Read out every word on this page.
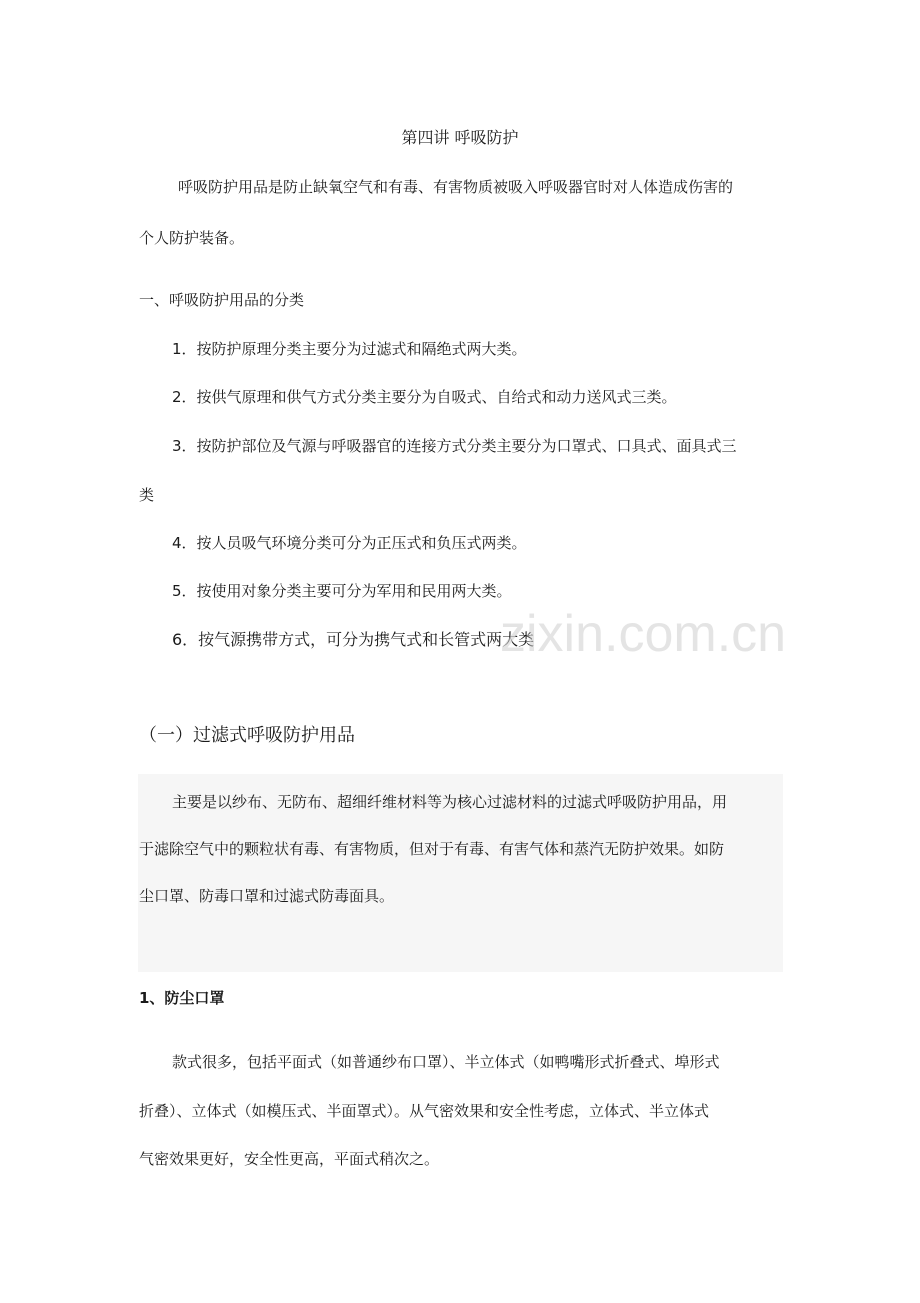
第四讲 呼吸防护
呼吸防护用品是防止缺氧空气和有毒、有害物质被吸入呼吸器官时对人体造成伤害的
个人防护装备。
一、呼吸防护用品的分类
1．按防护原理分类主要分为过滤式和隔绝式两大类。
2．按供气原理和供气方式分类主要分为自吸式、自给式和动力送风式三类。
3．按防护部位及气源与呼吸器官的连接方式分类主要分为口罩式、口具式、面具式三
类
4．按人员吸气环境分类可分为正压式和负压式两类。
5．按使用对象分类主要可分为军用和民用两大类。
6．按气源携带方式，可分为携气式和长管式两大类
zixin.com.cn
（一）过滤式呼吸防护用品
主要是以纱布、无防布、超细纤维材料等为核心过滤材料的过滤式呼吸防护用品，用
于滤除空气中的颗粒状有毒、有害物质，但对于有毒、有害气体和蒸汽无防护效果。如防
尘口罩、防毒口罩和过滤式防毒面具。
1、防尘口罩
款式很多，包括平面式（如普通纱布口罩）、半立体式（如鸭嘴形式折叠式、埠形式
折叠）、立体式（如模压式、半面罩式）。从气密效果和安全性考虑，立体式、半立体式
气密效果更好，安全性更高，平面式稍次之。
